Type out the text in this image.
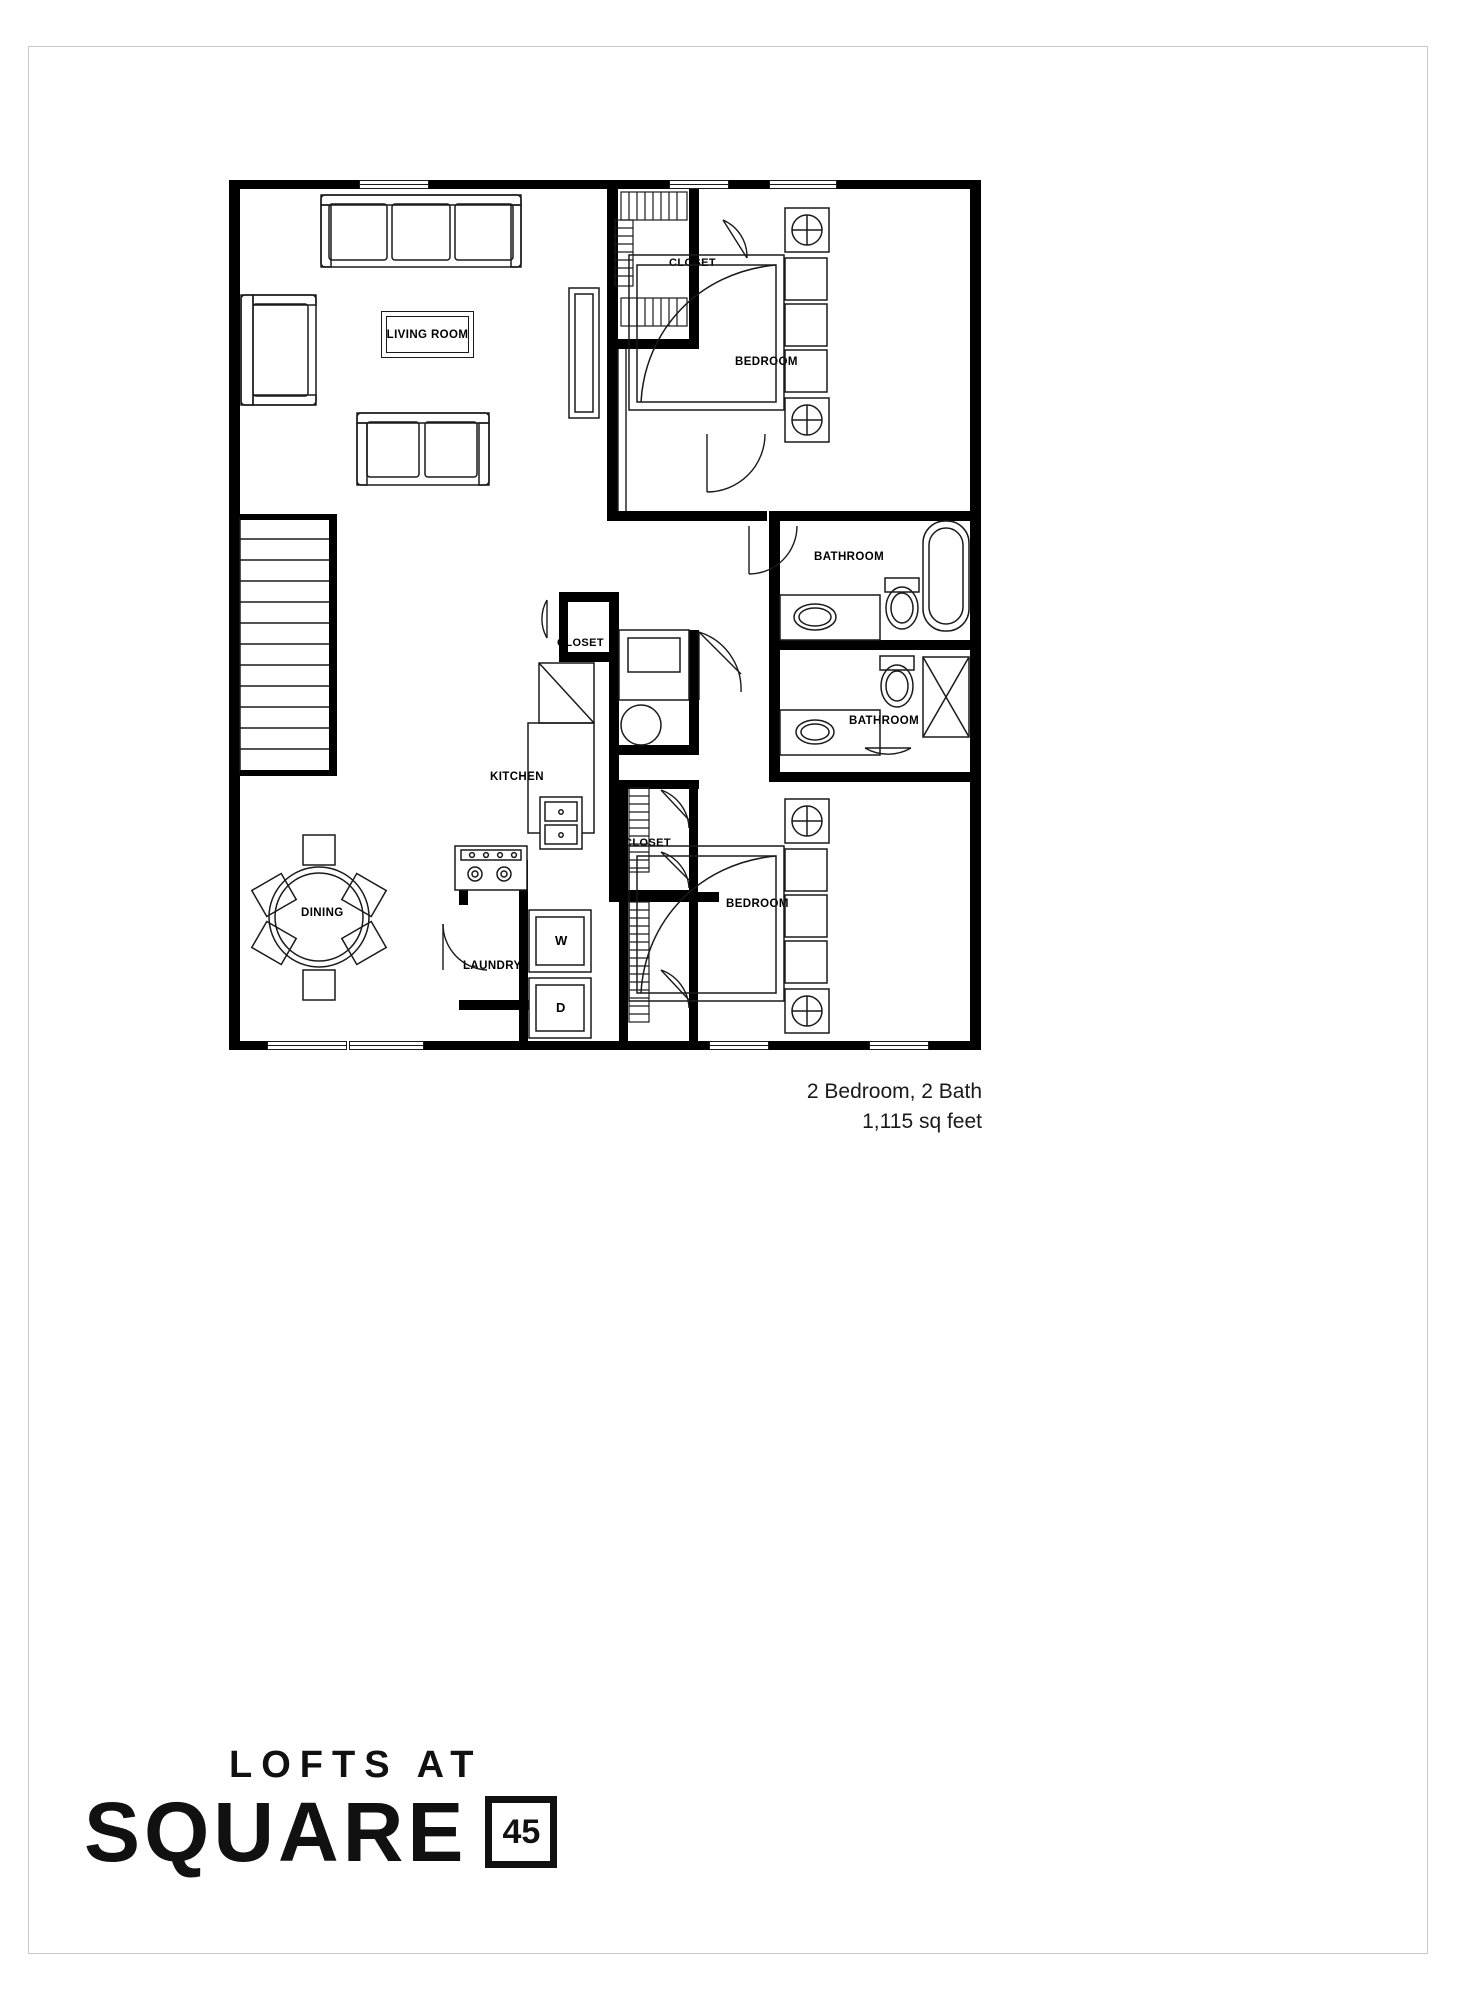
BEDROOM
BEDROOM
BATHROOM
BATHROOM
CLOSET
CLOSET
CLOSET
KITCHEN
LAUNDRY
DINING
LIVING ROOM
W
D
2 Bedroom, 2 Bath
1,115 sq feet
LOFTS AT
SQUARE	45
